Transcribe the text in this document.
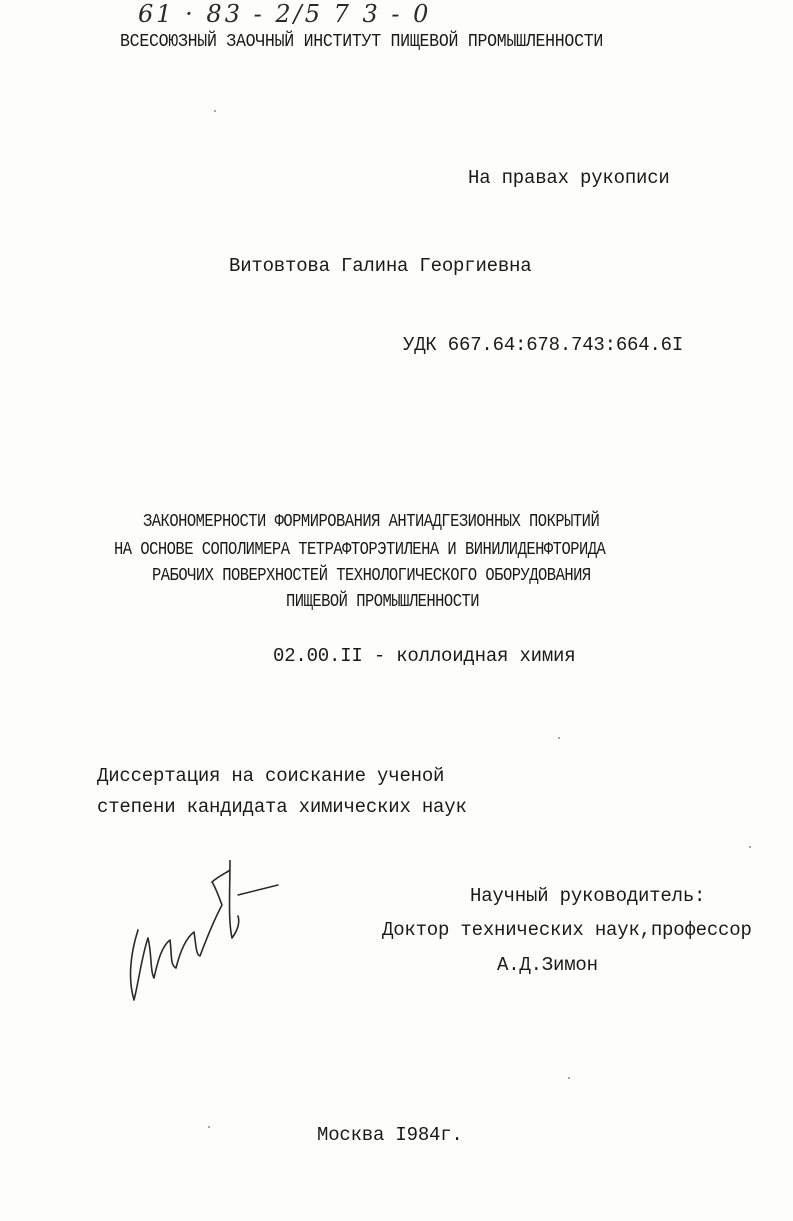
61 · 83 - 2/5 7 3 - 0
ВСЕСОЮЗНЫЙ ЗАОЧНЫЙ ИНСТИТУТ ПИЩЕВОЙ ПРОМЫШЛЕННОСТИ
На правах рукописи
Витовтова Галина Георгиевна
УДК 667.64:678.743:664.6I
ЗАКОНОМЕРНОСТИ ФОРМИРОВАНИЯ АНТИАДГЕЗИОННЫХ ПОКРЫТИЙ
НА ОСНОВЕ СОПОЛИМЕРА ТЕТРАФТОРЭТИЛЕНА И ВИНИЛИДЕНФТОРИДА
РАБОЧИХ ПОВЕРХНОСТЕЙ ТЕХНОЛОГИЧЕСКОГО ОБОРУДОВАНИЯ
ПИЩЕВОЙ ПРОМЫШЛЕННОСТИ
02.00.II - коллоидная химия
Диссертация на соискание ученой
степени кандидата химических наук
Научный руководитель:
Доктор технических наук,профессор
А.Д.Зимон
Москва I984г.
